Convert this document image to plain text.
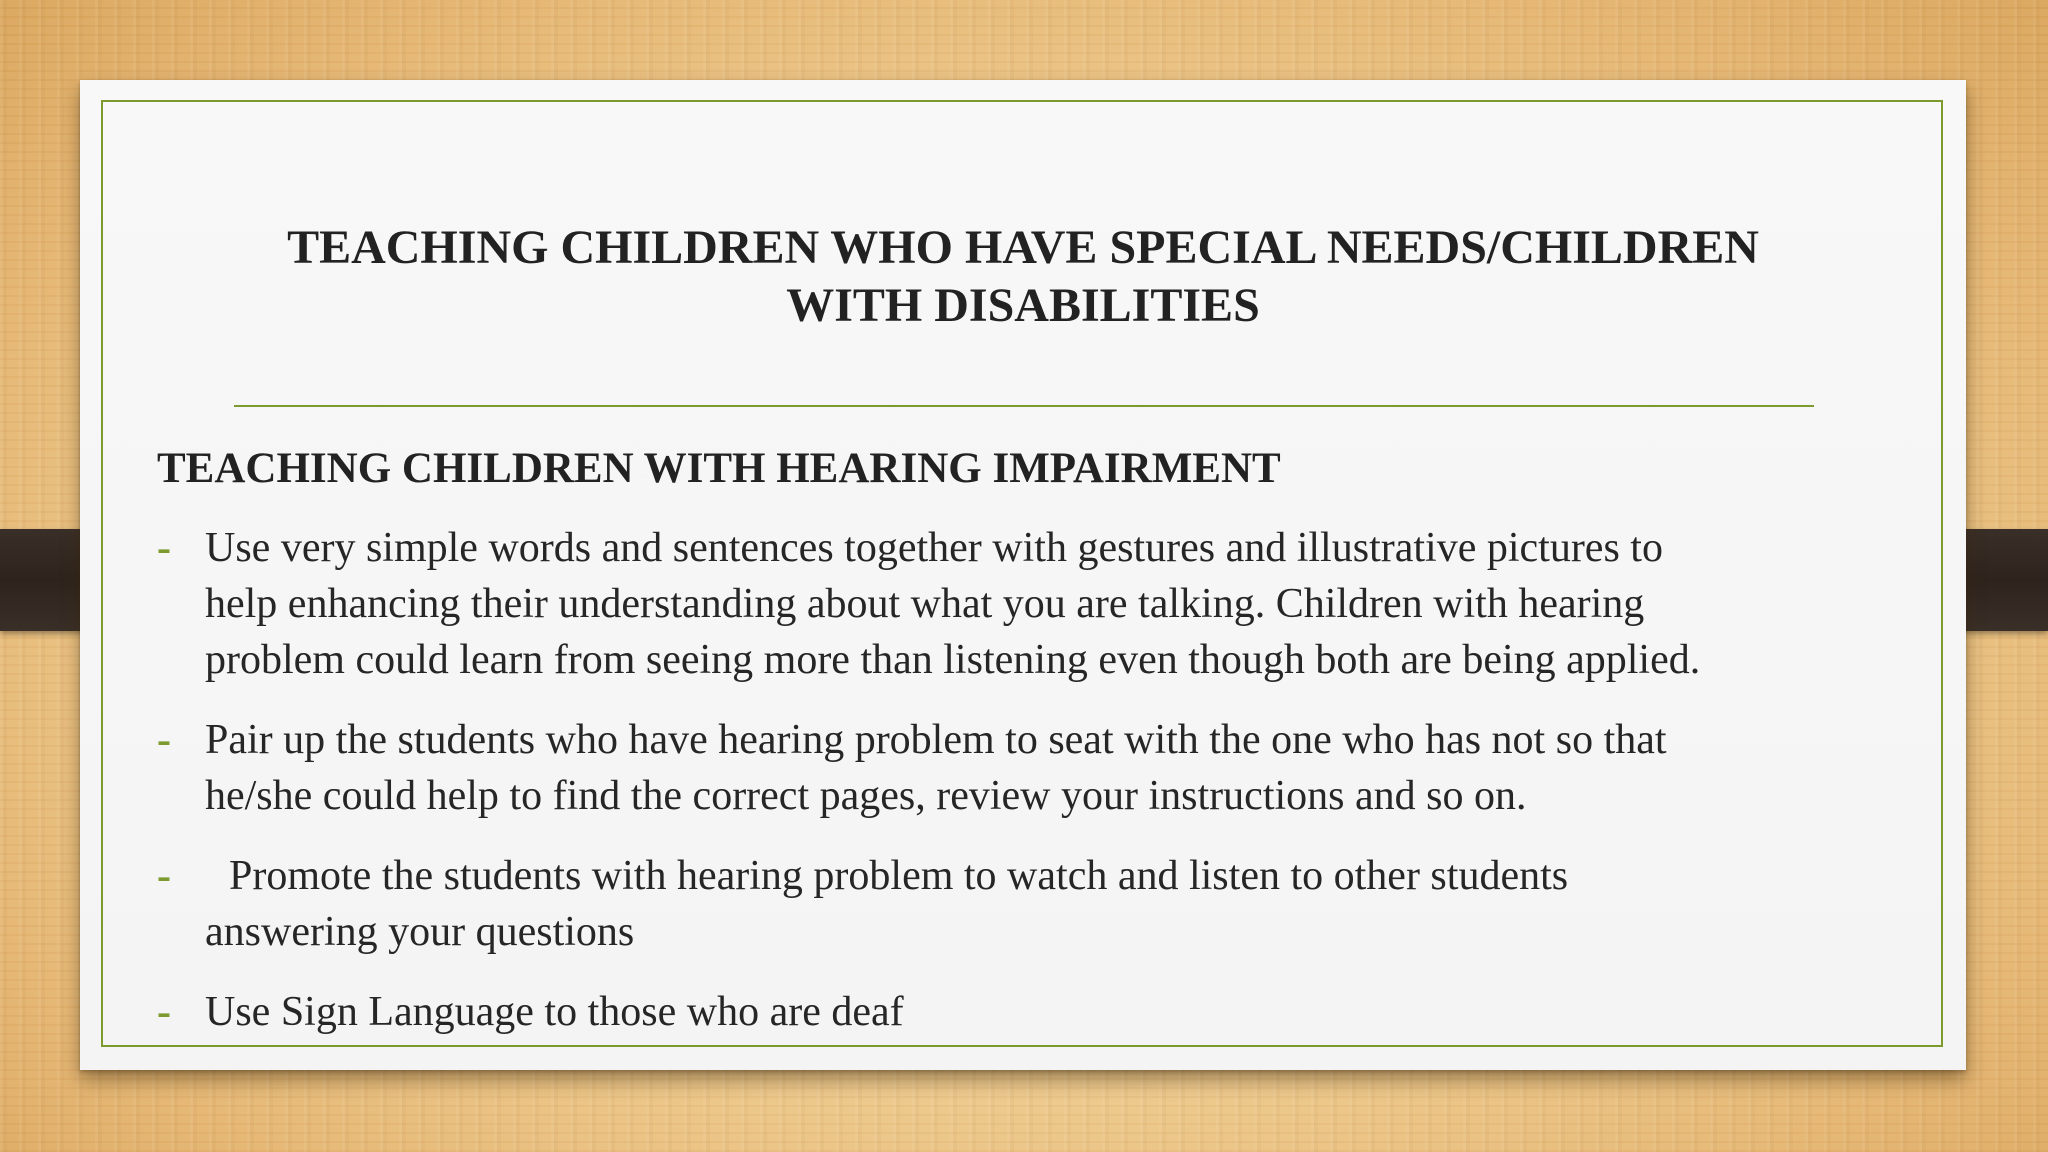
TEACHING CHILDREN WHO HAVE SPECIAL NEEDS/CHILDREN
WITH DISABILITIES
TEACHING CHILDREN WITH HEARING IMPAIRMENT
- Use very simple words and sentences together with gestures and illustrative pictures to
help enhancing their understanding about what you are talking. Children with hearing
problem could learn from seeing more than listening even though both are being applied.
- Pair up the students who have hearing problem to seat with the one who has not so that
he/she could help to find the correct pages, review your instructions and so on.
-	Promote the students with hearing problem to watch and listen to other students
answering your questions
- Use Sign Language to those who are deaf
